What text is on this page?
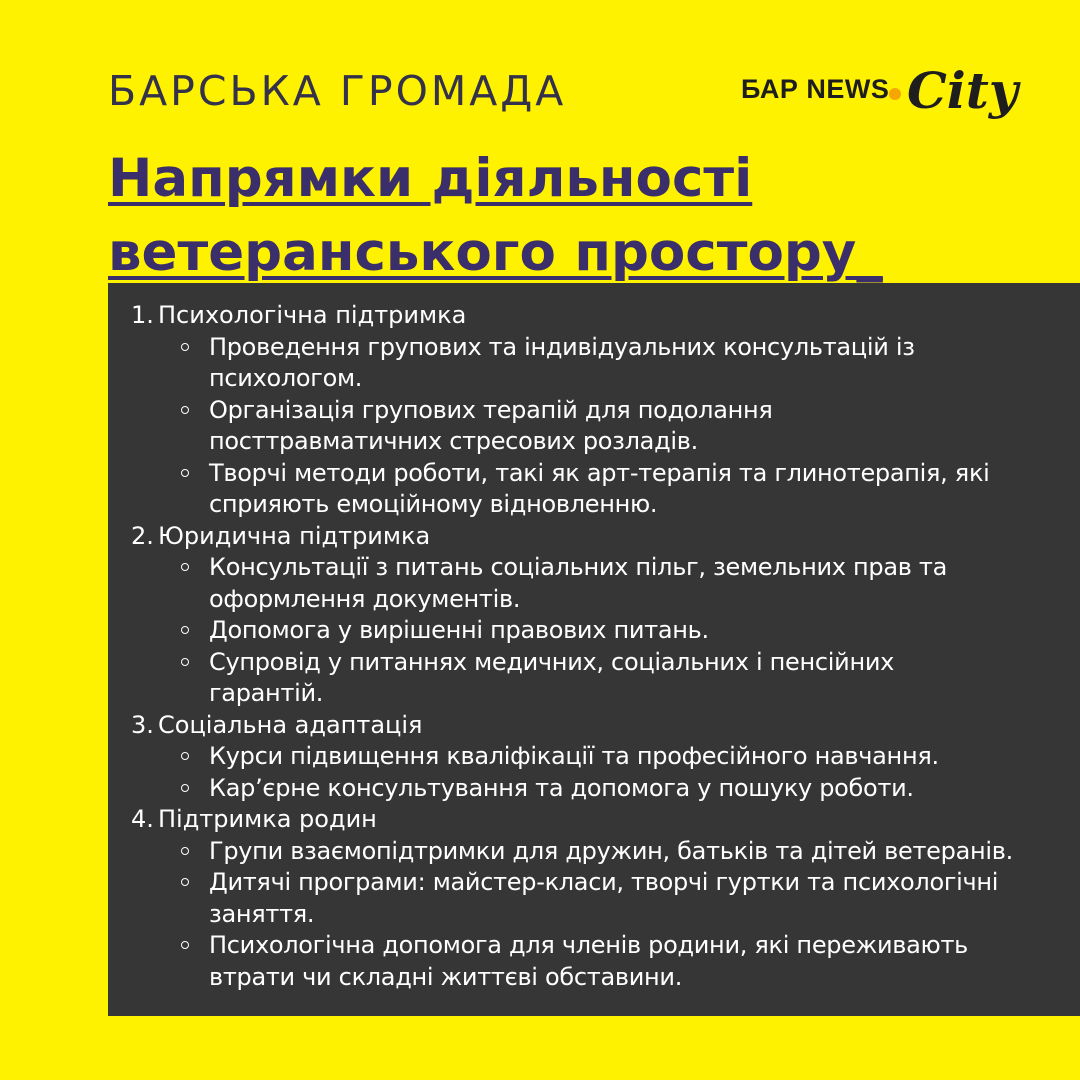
БАРСЬКА ГРОМАДА	БАР NEWS City
Напрямки діяльності
ветеранського простору_
1. Психологічна підтримка
Проведення групових та індивідуальних консультацій із
психологом.
Організація групових терапій для подолання
посттравматичних стресових розладів.
Творчі методи роботи, такі як арт-терапія та глинотерапія, які
сприяють емоційному відновленню.
2. Юридична підтримка
Консультації з питань соціальних пільг, земельних прав та
оформлення документів.
Допомога у вирішенні правових питань.
Супровід у питаннях медичних, соціальних і пенсійних
гарантій.
3. Соціальна адаптація
Курси підвищення кваліфікації та професійного навчання.
Кар’єрне консультування та допомога у пошуку роботи.
4. Підтримка родин
Групи взаємопідтримки для дружин, батьків та дітей ветеранів.
Дитячі програми: майстер-класи, творчі гуртки та психологічні
заняття.
Психологічна допомога для членів родини, які переживають
втрати чи складні життєві обставини.
